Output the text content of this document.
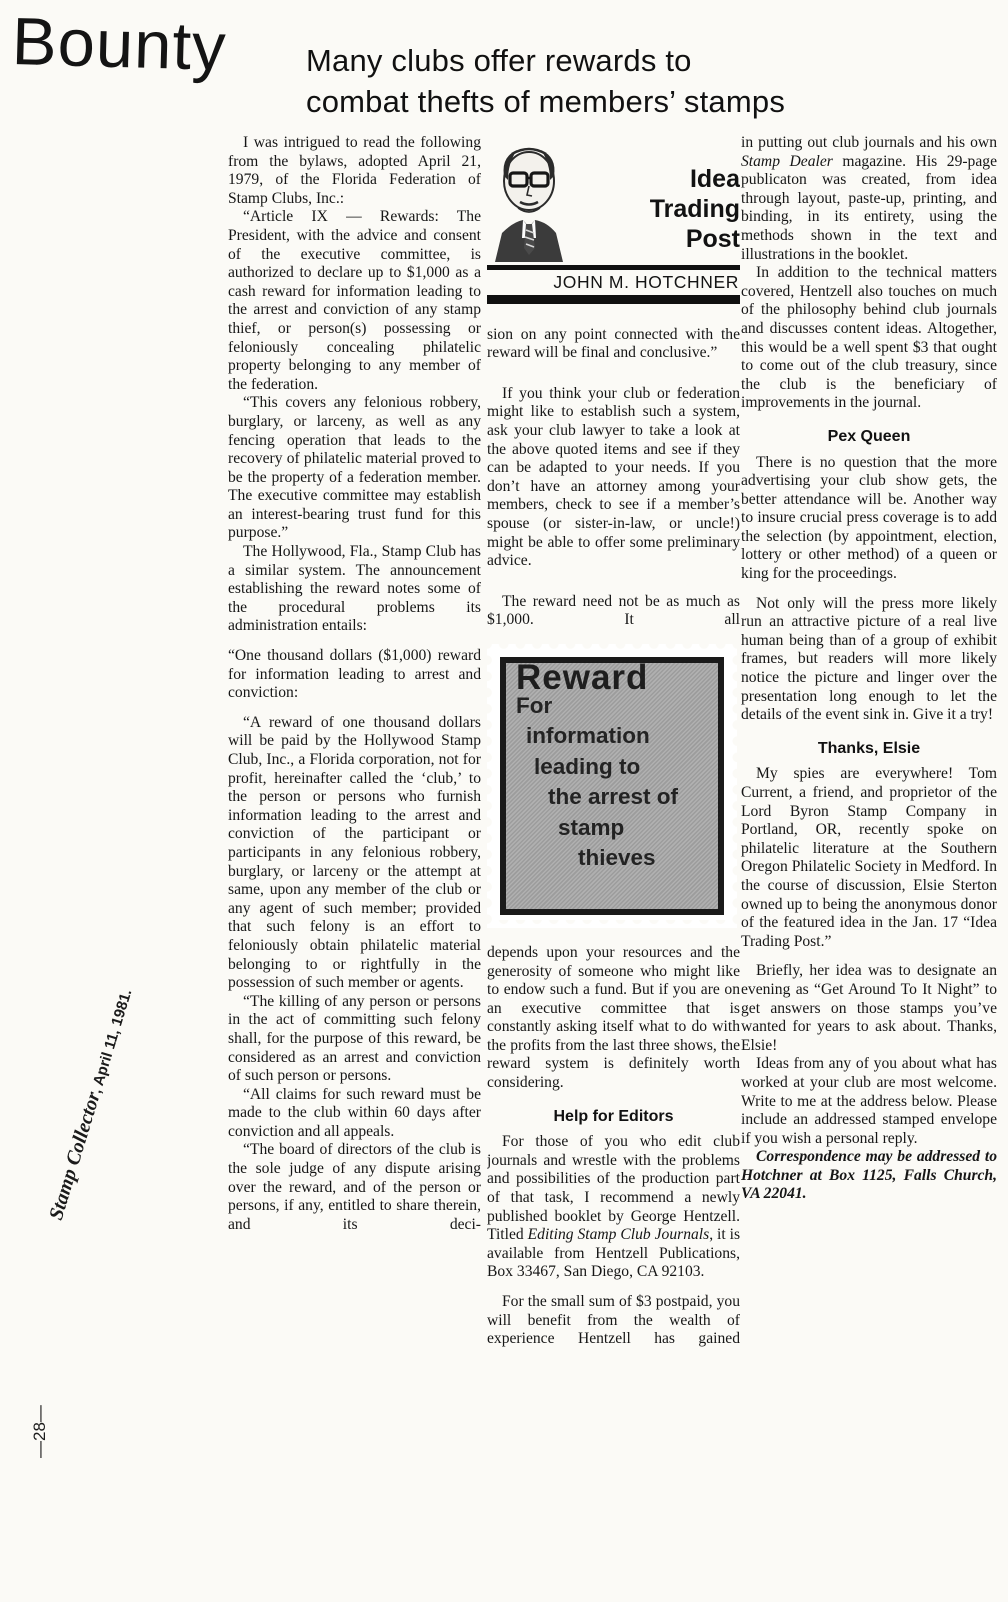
Bounty	Many clubs offer rewards to
combat thefts of members’ stamps
Stamp Collector, April 11, 1981.
—28—

I was intrigued to read the following from the bylaws, adopted April 21, 1979, of the Florida Federation of Stamp Clubs, Inc.:

“Article IX — Rewards: The President, with the advice and consent of the executive committee, is authorized to declare up to $1,000 as a cash reward for information leading to the arrest and conviction of any stamp thief, or person(s) possessing or feloniously concealing philatelic property belonging to any member of the federation.

“This covers any felonious robbery, burglary, or larceny, as well as any fencing operation that leads to the recovery of philatelic material proved to be the property of a federation member. The executive committee may establish an interest-bearing trust fund for this purpose.”

The Hollywood, Fla., Stamp Club has a similar system. The announcement establishing the reward notes some of the procedural problems its administration entails:

“One thousand dollars ($1,000) reward for information leading to arrest and conviction:

“A reward of one thousand dollars will be paid by the Hollywood Stamp Club, Inc., a Florida corporation, not for profit, hereinafter called the ‘club,’ to the person or persons who furnish information leading to the arrest and conviction of the participant or participants in any felonious robbery, burglary, or larceny or the attempt at same, upon any member of the club or any agent of such member; provided that such felony is an effort to feloniously obtain philatelic material belonging to or rightfully in the possession of such member or agents.

“The killing of any person or persons in the act of committing such felony shall, for the purpose of this reward, be considered as an arrest and conviction of such person or persons.

“All claims for such reward must be made to the club within 60 days after conviction and all appeals.

“The board of directors of the club is the sole judge of any dispute arising over the reward, and of the person or persons, if any, entitled to share therein, and its deci-

Idea
Trading
Post
JOHN M. HOTCHNER

sion on any point connected with the reward will be final and conclusive.”

If you think your club or federation might like to establish such a system, ask your club lawyer to take a look at the above quoted items and see if they can be adapted to your needs. If you don’t have an attorney among your members, check to see if a member’s spouse (or sister-in-law, or uncle!) might be able to offer some preliminary advice.

The reward need not be as much as $1,000. It all

Reward
For
information
leading to
the arrest of
stamp
thieves

depends upon your resources and the generosity of someone who might like to endow such a fund. But if you are on an executive committee that is constantly asking itself what to do with the profits from the last three shows, the reward system is definitely worth considering.

Help for Editors

For those of you who edit club journals and wrestle with the problems and possibilities of the production part of that task, I recommend a newly published booklet by George Hentzell. Titled Editing Stamp Club Journals, it is available from Hentzell Publications, Box 33467, San Diego, CA 92103.

For the small sum of $3 postpaid, you will benefit from the wealth of experience Hentzell has gained

in putting out club journals and his own Stamp Dealer magazine. His 29-page publicaton was created, from idea through layout, paste-up, printing, and binding, in its entirety, using the methods shown in the text and illustrations in the booklet.

In addition to the technical matters covered, Hentzell also touches on much of the philosophy behind club journals and discusses content ideas. Altogether, this would be a well spent $3 that ought to come out of the club treasury, since the club is the beneficiary of improvements in the journal.

Pex Queen

There is no question that the more advertising your club show gets, the better attendance will be. Another way to insure crucial press coverage is to add the selection (by appointment, election, lottery or other method) of a queen or king for the proceedings.

Not only will the press more likely run an attractive picture of a real live human being than of a group of exhibit frames, but readers will more likely notice the picture and linger over the presentation long enough to let the details of the event sink in. Give it a try!

Thanks, Elsie

My spies are everywhere! Tom Current, a friend, and proprietor of the Lord Byron Stamp Company in Portland, OR, recently spoke on philatelic literature at the Southern Oregon Philatelic Society in Medford. In the course of discussion, Elsie Sterton owned up to being the anonymous donor of the featured idea in the Jan. 17 “Idea Trading Post.”

Briefly, her idea was to designate an evening as “Get Around To It Night” to get answers on those stamps you’ve wanted for years to ask about. Thanks, Elsie!

Ideas from any of you about what has worked at your club are most welcome. Write to me at the address below. Please include an addressed stamped envelope if you wish a personal reply.

Correspondence may be addressed to Hotchner at Box 1125, Falls Church, VA 22041.
